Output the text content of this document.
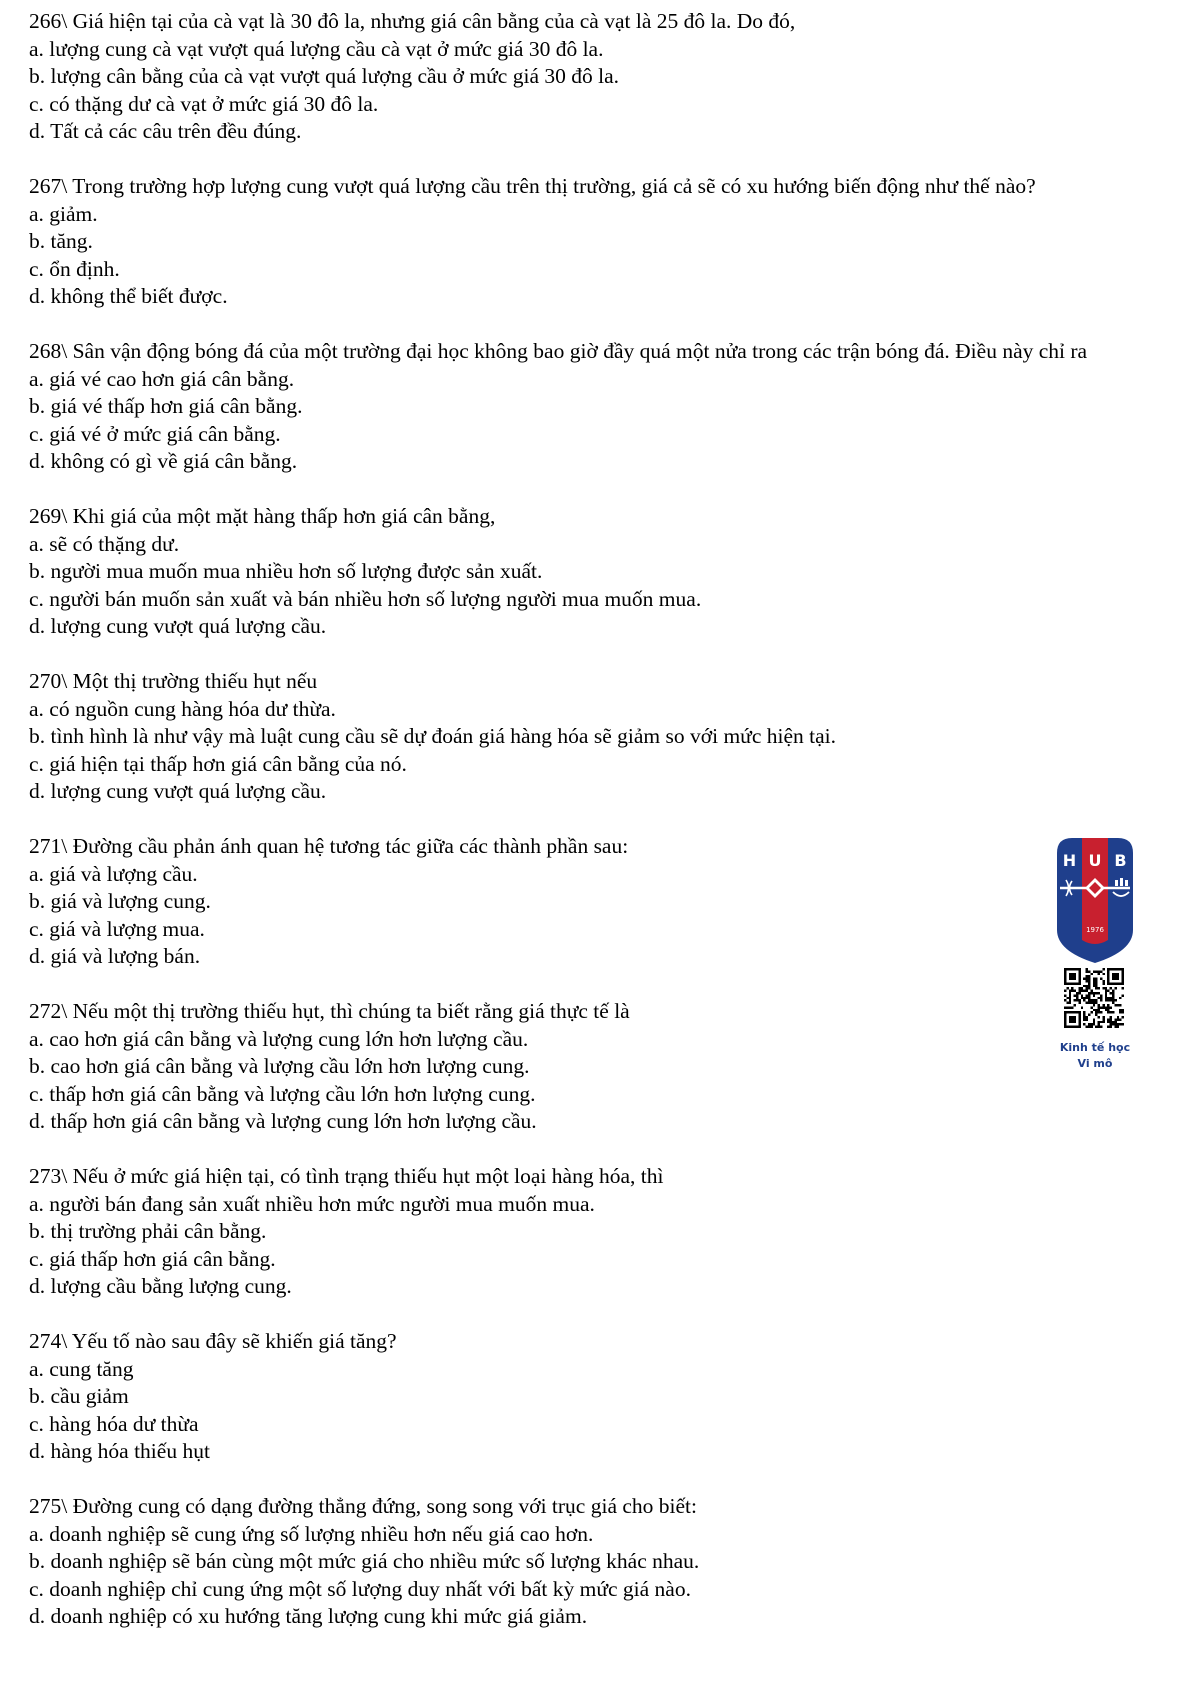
266\ Giá hiện tại của cà vạt là 30 đô la, nhưng giá cân bằng của cà vạt là 25 đô la. Do đó,

a. lượng cung cà vạt vượt quá lượng cầu cà vạt ở mức giá 30 đô la.

b. lượng cân bằng của cà vạt vượt quá lượng cầu ở mức giá 30 đô la.

c. có thặng dư cà vạt ở mức giá 30 đô la.

d. Tất cả các câu trên đều đúng.

267\ Trong trường hợp lượng cung vượt quá lượng cầu trên thị trường, giá cả sẽ có xu hướng biến động như thế nào?

a. giảm.

b. tăng.

c. ổn định.

d. không thể biết được.

268\ Sân vận động bóng đá của một trường đại học không bao giờ đầy quá một nửa trong các trận bóng đá. Điều này chỉ ra

a. giá vé cao hơn giá cân bằng.

b. giá vé thấp hơn giá cân bằng.

c. giá vé ở mức giá cân bằng.

d. không có gì về giá cân bằng.

269\ Khi giá của một mặt hàng thấp hơn giá cân bằng,

a. sẽ có thặng dư.

b. người mua muốn mua nhiều hơn số lượng được sản xuất.

c. người bán muốn sản xuất và bán nhiều hơn số lượng người mua muốn mua.

d. lượng cung vượt quá lượng cầu.

270\ Một thị trường thiếu hụt nếu

a. có nguồn cung hàng hóa dư thừa.

b. tình hình là như vậy mà luật cung cầu sẽ dự đoán giá hàng hóa sẽ giảm so với mức hiện tại.

c. giá hiện tại thấp hơn giá cân bằng của nó.

d. lượng cung vượt quá lượng cầu.

271\ Đường cầu phản ánh quan hệ tương tác giữa các thành phần sau:

a. giá và lượng cầu.

b. giá và lượng cung.

c. giá và lượng mua.

d. giá và lượng bán.

272\ Nếu một thị trường thiếu hụt, thì chúng ta biết rằng giá thực tế là

a. cao hơn giá cân bằng và lượng cung lớn hơn lượng cầu.

b. cao hơn giá cân bằng và lượng cầu lớn hơn lượng cung.

c. thấp hơn giá cân bằng và lượng cầu lớn hơn lượng cung.

d. thấp hơn giá cân bằng và lượng cung lớn hơn lượng cầu.

273\ Nếu ở mức giá hiện tại, có tình trạng thiếu hụt một loại hàng hóa, thì

a. người bán đang sản xuất nhiều hơn mức người mua muốn mua.

b. thị trường phải cân bằng.

c. giá thấp hơn giá cân bằng.

d. lượng cầu bằng lượng cung.

274\ Yếu tố nào sau đây sẽ khiến giá tăng?

a. cung tăng

b. cầu giảm

c. hàng hóa dư thừa

d. hàng hóa thiếu hụt

275\ Đường cung có dạng đường thẳng đứng, song song với trục giá cho biết:

a. doanh nghiệp sẽ cung ứng số lượng nhiều hơn nếu giá cao hơn.

b. doanh nghiệp sẽ bán cùng một mức giá cho nhiều mức số lượng khác nhau.

c. doanh nghiệp chỉ cung ứng một số lượng duy nhất với bất kỳ mức giá nào.

d. doanh nghiệp có xu hướng tăng lượng cung khi mức giá giảm.

H U B
1976
Kinh tế học
Vi mô
